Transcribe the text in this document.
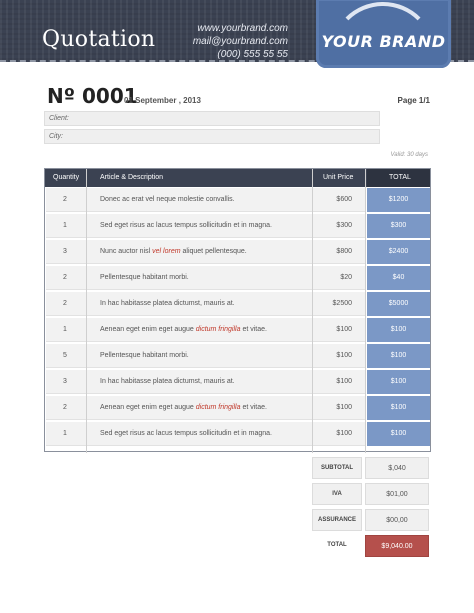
Quotation	www.yourbrand.com
mail@yourbrand.com
(000) 555 55 55
YOUR BRAND
Nº 0001
01 September , 2013	Page 1/1
Client:
City:
Valid: 30 days
Quantity	Article & Description	Unit Price	TOTAL
2	Donec ac erat vel neque molestie convallis.	$600	$1200
1	Sed eget risus ac lacus tempus sollicitudin et in magna.	$300	$300
3	Nunc auctor nisl vel lorem aliquet pellentesque.	$800	$2400
2	Pellentesque habitant morbi.	$20	$40
2	In hac habitasse platea dictumst, mauris at.	$2500	$5000
1	Aenean eget enim eget augue dictum fringilla et vitae.	$100	$100
5	Pellentesque habitant morbi.	$100	$100
3	In hac habitasse platea dictumst, mauris at.	$100	$100
2	Aenean eget enim eget augue dictum fringilla et vitae.	$100	$100
1	Sed eget risus ac lacus tempus sollicitudin et in magna.	$100	$100
SUBTOTAL	$,040
IVA	$01,00
ASSURANCE	$00,00
TOTAL	$9,040.00
